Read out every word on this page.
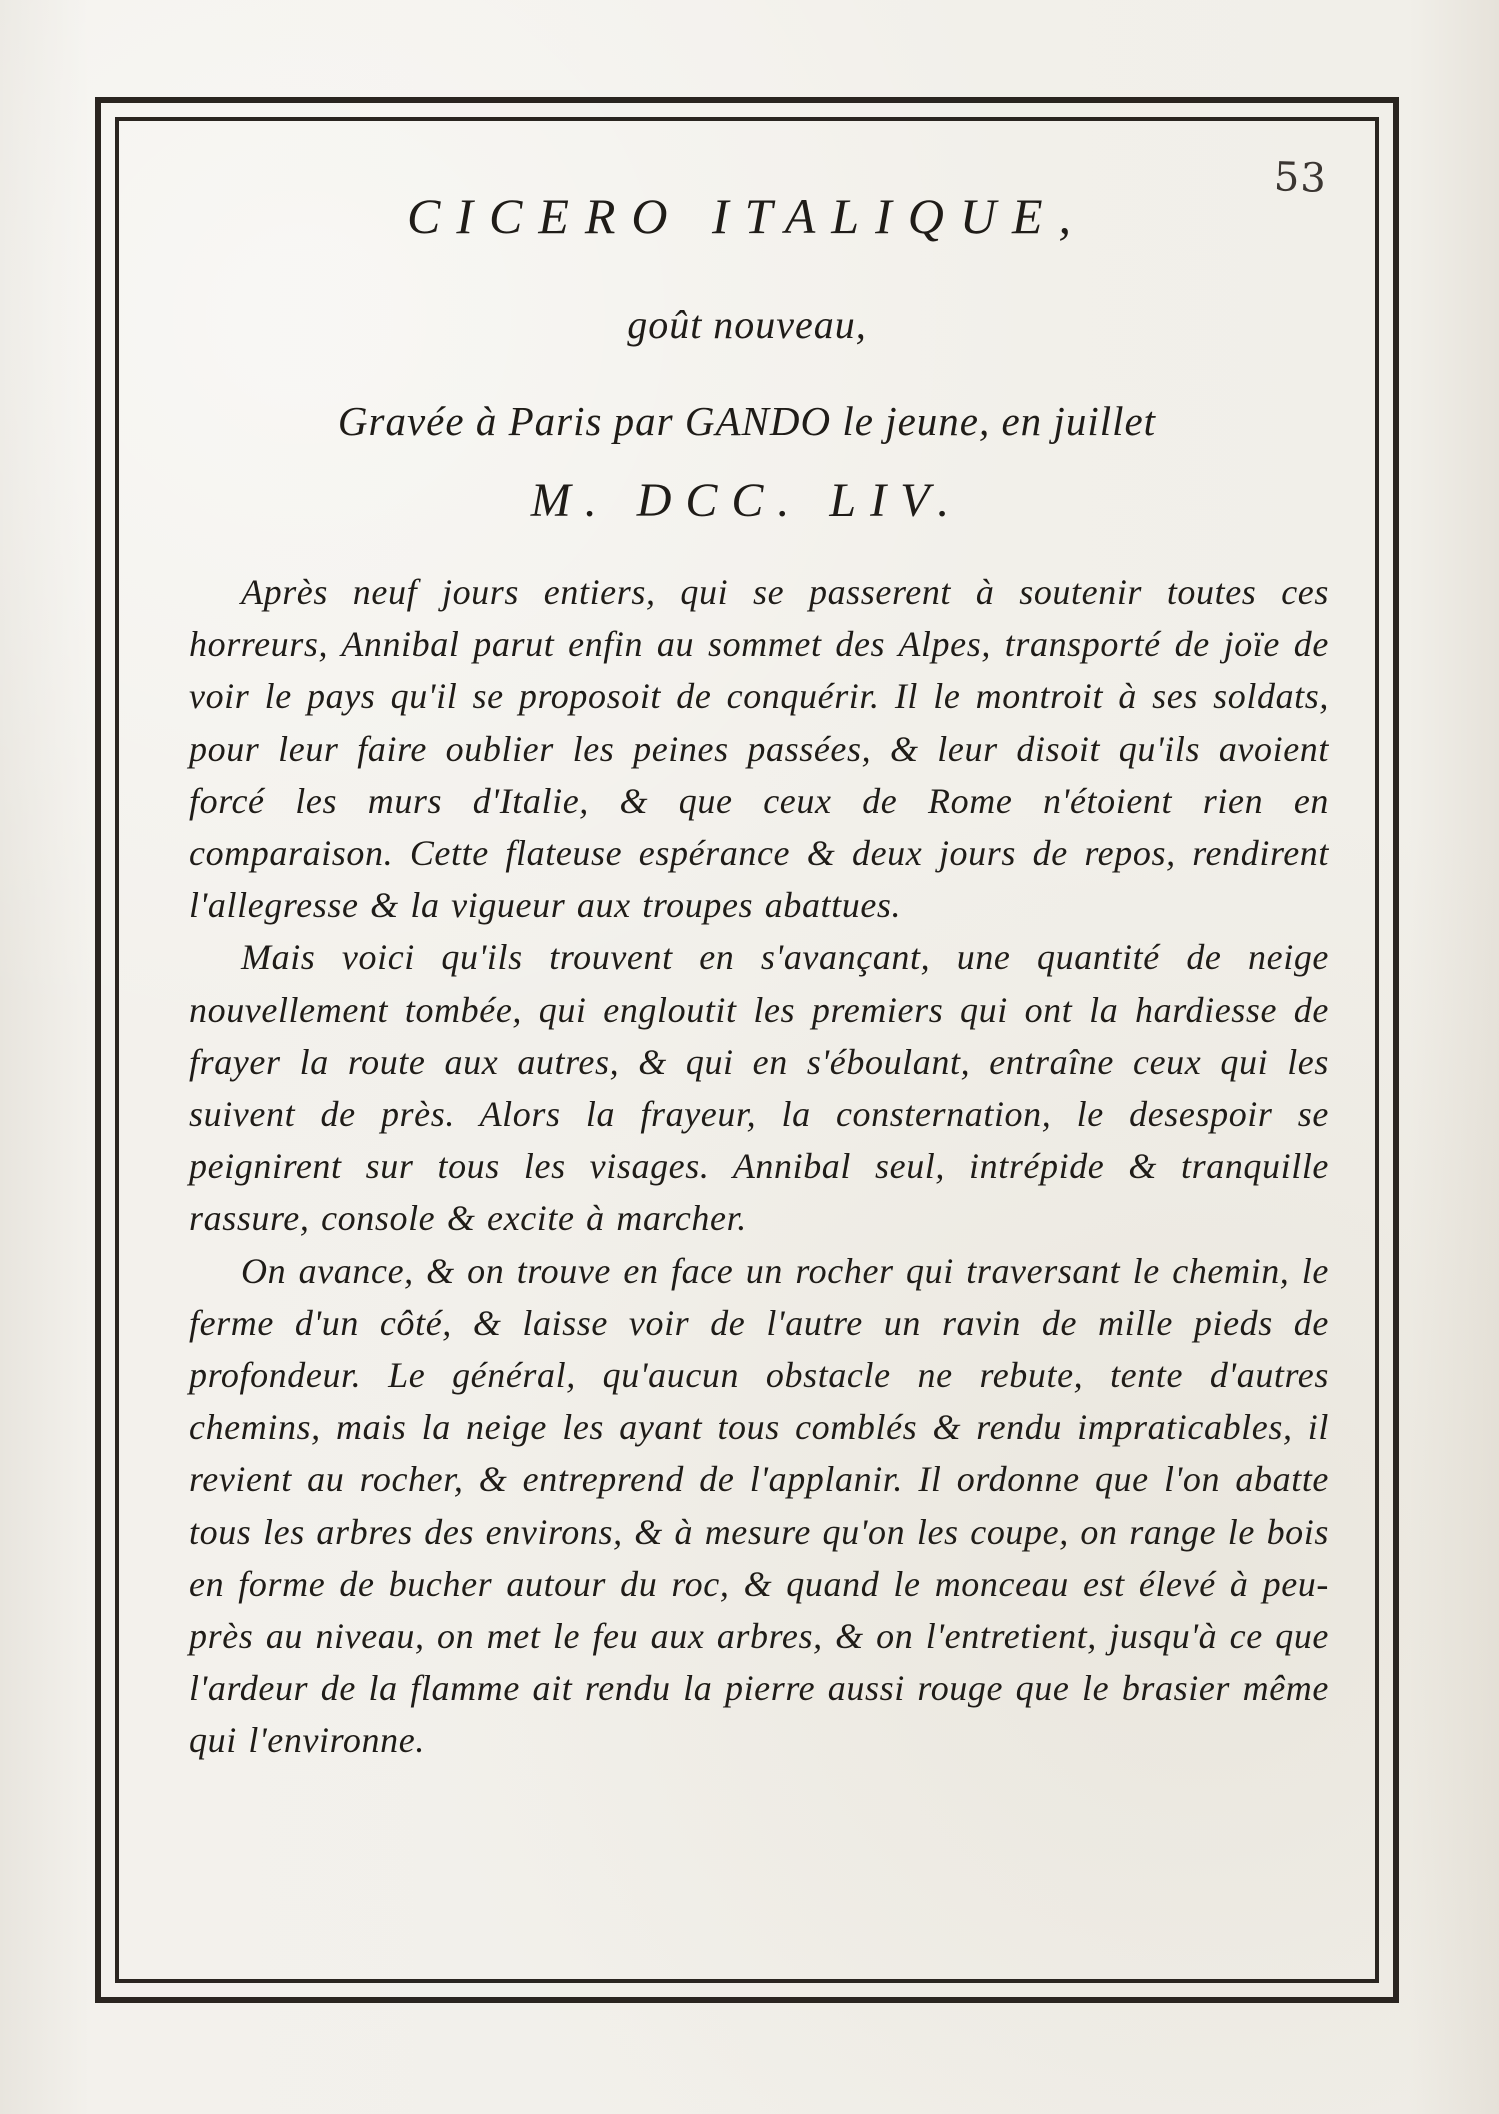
53
CICERO ITALIQUE,
goût nouveau,
Gravée à Paris par GANDO le jeune, en juillet
M. DCC. LIV.

Après neuf jours entiers, qui se passerent à soutenir toutes ces horreurs, Annibal parut enfin au sommet des Alpes, transporté de joïe de voir le pays qu'il se proposoit de conquérir. Il le montroit à ses soldats, pour leur faire oublier les peines passées, & leur disoit qu'ils avoient forcé les murs d'Italie, & que ceux de Rome n'étoient rien en comparaison. Cette flateuse espérance & deux jours de repos, rendirent l'allegresse & la vigueur aux troupes abattues.

Mais voici qu'ils trouvent en s'avançant, une quantité de neige nouvellement tombée, qui engloutit les premiers qui ont la hardiesse de frayer la route aux autres, & qui en s'éboulant, entraîne ceux qui les suivent de près. Alors la frayeur, la consternation, le desespoir se peignirent sur tous les visages. Annibal seul, intrépide & tranquille rassure, console & excite à marcher.

On avance, & on trouve en face un rocher qui traversant le chemin, le ferme d'un côté, & laisse voir de l'autre un ravin de mille pieds de profondeur. Le général, qu'aucun obstacle ne rebute, tente d'autres chemins, mais la neige les ayant tous comblés & rendu impraticables, il revient au rocher, & entreprend de l'applanir. Il ordonne que l'on abatte tous les arbres des environs, & à mesure qu'on les coupe, on range le bois en forme de bucher autour du roc, & quand le monceau est élevé à peu-près au niveau, on met le feu aux arbres, & on l'entretient, jusqu'à ce que l'ardeur de la flamme ait rendu la pierre aussi rouge que le brasier même qui l'environne.
